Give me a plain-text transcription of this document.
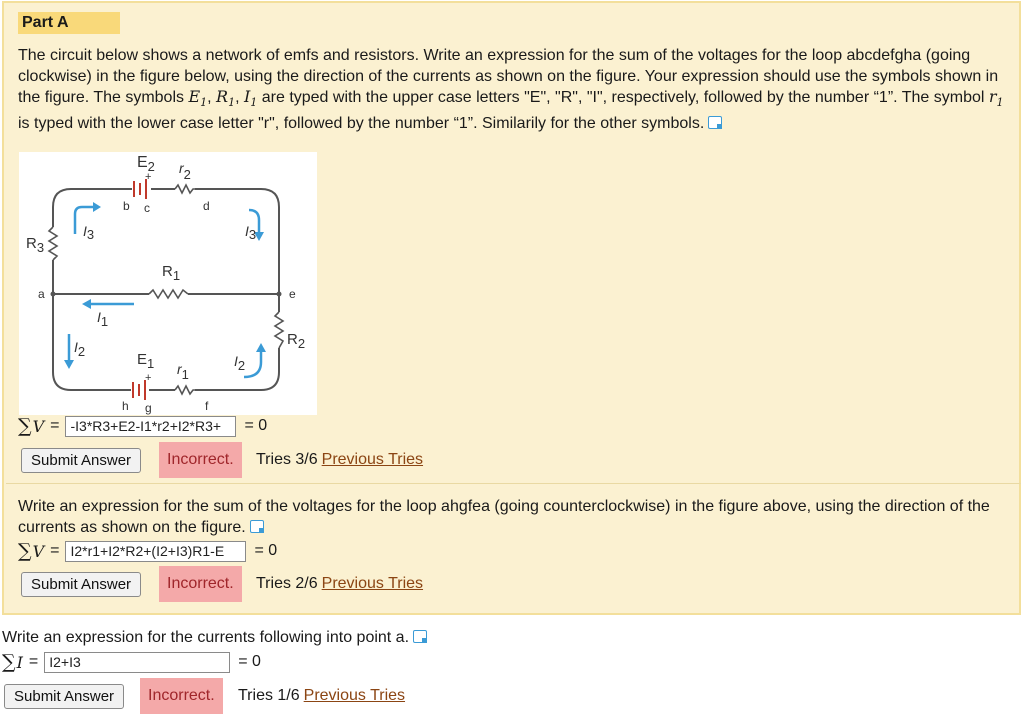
Part A

The circuit below shows a network of emfs and resistors. Write an expression for the sum of the voltages for the loop abcdefgha (going clockwise) in the figure below, using the direction of the currents as shown on the figure. Your expression should use the symbols shown in the figure. The symbols $E_1$, $R_1$, $I_1$ are typed with the upper case letters "E", "R", "I", respectively, followed by the number “1”. The symbol $r_1$ is typed with the lower case letter "r", followed by the number “1”. Similarily for the other symbols.

$E_2$ r2
+
b c	d
R3
I3	I3
R1
a	e
I1
R2
I2	E1 r1
I2
+
h g	f
∑ V =
-I3*R3+E2-I1*r2+I2*R3+	= 0
Submit Answer	Incorrect.	Tries 3/6 Previous Tries

Write an expression for the sum of the voltages for the loop ahgfea (going counterclockwise) in the figure above, using the direction of the currents as shown on the figure.

∑ V =
I2*r1+I2*R2+(I2+I3)R1-E	= 0
Submit Answer	Incorrect.	Tries 2/6 Previous Tries

Write an expression for the currents following into point a.

∑ I =
I2+I3	= 0
Submit Answer	Incorrect.	Tries 1/6 Previous Tries
